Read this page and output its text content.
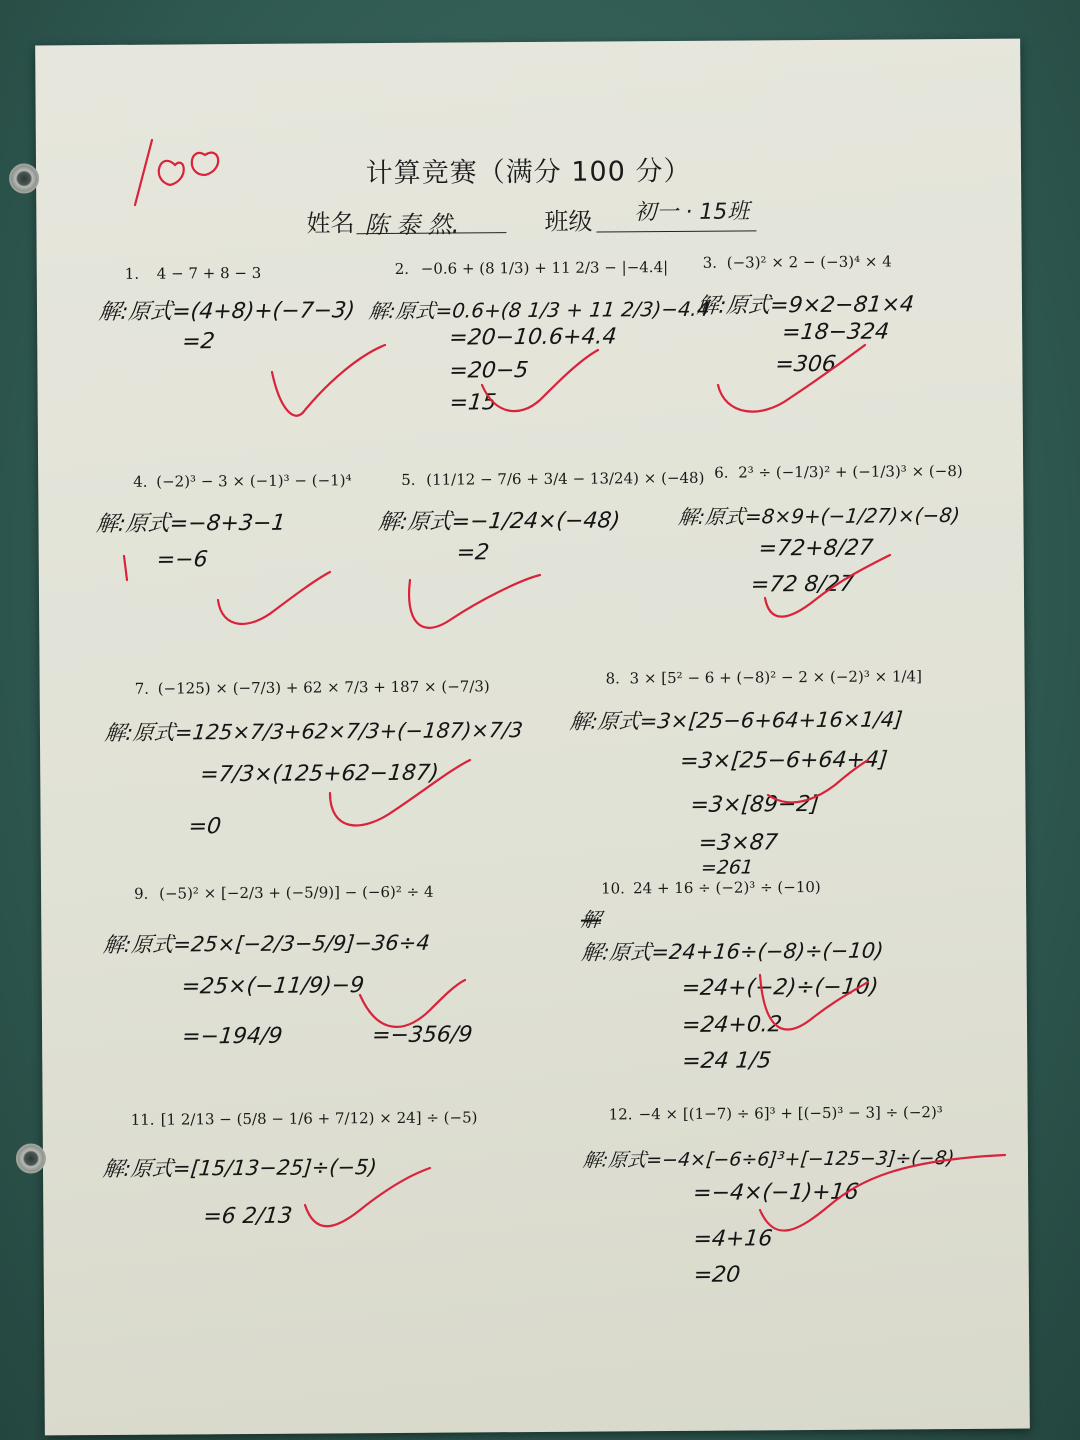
计算竞赛（满分 100 分）
姓名 陈 泰 然.	班级 初一 · 15班
1. 4 − 7 + 8 − 3
解:原式=(4+8)+(−7−3)
=2
2. −0.6 + (8 1/3) + 11 2/3 − |−4.4|
解:原式=0.6+(8 1/3 + 11 2/3)−4.4
=20−10.6+4.4
=20−5
=15
3. (−3)² × 2 − (−3)⁴ × 4
解:原式=9×2−81×4
=18−324
=306
4. (−2)³ − 3 × (−1)³ − (−1)⁴
解:原式=−8+3−1
=−6
5. (11/12 − 7/6 + 3/4 − 13/24) × (−48)
解:原式=−1/24×(−48)
=2
6. 2³ ÷ (−1/3)² + (−1/3)³ × (−8)
解:原式=8×9+(−1/27)×(−8)
=72+8/27
=72 8/27
7. (−125) × (−7/3) + 62 × 7/3 + 187 × (−7/3)
解:原式=125×7/3+62×7/3+(−187)×7/3
=7/3×(125+62−187)
=0
8. 3 × [5² − 6 + (−8)² − 2 × (−2)³ × 1/4]
解:原式=3×[25−6+64+16×1/4]
=3×[25−6+64+4]
=3×[89−2]
=3×87
=261
9. (−5)² × [−2/3 + (−5/9)] − (−6)² ÷ 4
解:原式=25×[−2/3−5/9]−36÷4
=25×(−11/9)−9
=−194/9	=−356/9
10. 24 + 16 ÷ (−2)³ ÷ (−10)
解
解:原式=24+16÷(−8)÷(−10)
=24+(−2)÷(−10)
=24+0.2
=24 1/5
11. [1 2/13 − (5/8 − 1/6 + 7/12) × 24] ÷ (−5)
解:原式=[15/13−25]÷(−5)
=6 2/13
12. −4 × [(1−7) ÷ 6]³ + [(−5)³ − 3] ÷ (−2)³
解:原式=−4×[−6÷6]³+[−125−3]÷(−8)
=−4×(−1)+16
=4+16
=20
